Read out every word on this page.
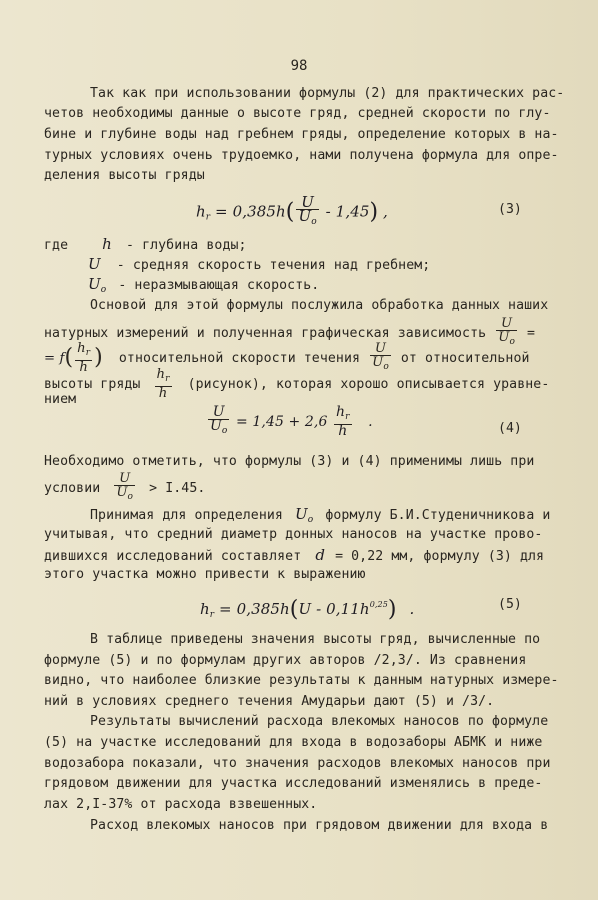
98
Так как при использовании формулы (2) для практических рас-
четов необходимы данные о высоте гряд, средней скорости по глу-
бине и глубине воды над гребнем гряды, определение которых в на-
турных условиях очень трудоемко, нами получена формула для опре-
деления высоты гряды
$h_r = 0,385h( \frac{U}{U_o} - 1,45)$ ,	(3)
где h - глубина воды;
U - средняя скорость течения над гребнем;
$U_o$ - неразмывающая скорость.
Основой для этой формулы послужила обработка данных наших
натурных измерений и полученная графическая зависимость $\frac{U}{U_o}$ =
= $f( \frac{h_r}{h}$ ) относительной скорости течения $\frac{U}{U_o}$ от относительной
высоты гряды $\frac{h_r}{h}$ (рисунок), которая хорошо описывается уравне-
нием
$\frac{U}{U_o} = 1,45 + 2,6 \frac{h_r}{h}$ .	(4)
Необходимо отметить, что формулы (3) и (4) применимы лишь при
условии $\frac{U}{U_o} > I.45$.
Принимая для определения $U_o$ формулу Б.И.Студеничникова и
учитывая, что средний диаметр донных наносов на участке прово-
дившихся исследований составляет d = 0,22 мм, формулу (3) для
этого участка можно привести к выражению
$h_r = 0,385h(U - 0,11h^{0,25})$ .	(5)
В таблице приведены значения высоты гряд, вычисленные по
формуле (5) и по формулам других авторов /2,3/. Из сравнения
видно, что наиболее близкие результаты к данным натурных измере-
ний в условиях среднего течения Амударьи дают (5) и /3/.
Результаты вычислений расхода влекомых наносов по формуле
(5) на участке исследований для входа в водозаборы АБМК и ниже
водозабора показали, что значения расходов влекомых наносов при
грядовом движении для участка исследований изменялись в преде-
лах 2,I-37% от расхода взвешенных.
Расход влекомых наносов при грядовом движении для входа в
